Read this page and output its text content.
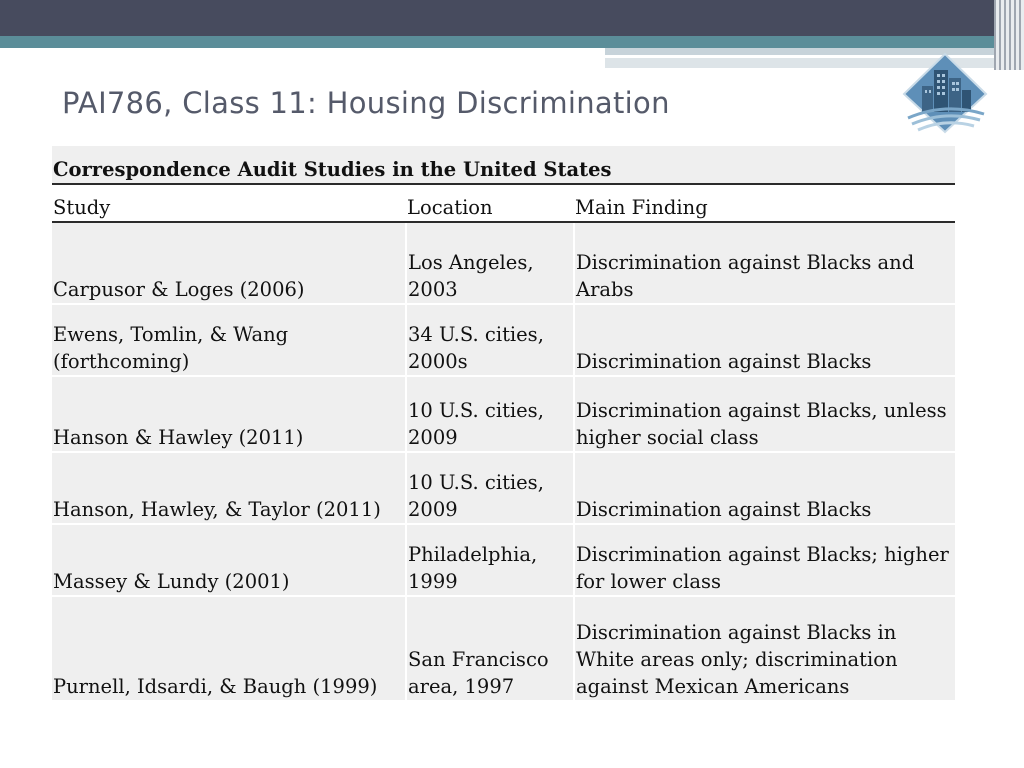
PAI786, Class 11: Housing Discrimination
Correspondence Audit Studies in the United States		
Study	Location	Main Finding
Carpusor & Loges (2006)	Los Angeles, 2003	Discrimination against Blacks and Arabs
Ewens, Tomlin, & Wang (forthcoming)	34 U.S. cities, 2000s	Discrimination against Blacks
Hanson & Hawley (2011)	10 U.S. cities, 2009	Discrimination against Blacks, unless higher social class
Hanson, Hawley, & Taylor (2011)	10 U.S. cities, 2009	Discrimination against Blacks
Massey & Lundy (2001)	Philadelphia, 1999	Discrimination against Blacks; higher for lower class
Purnell, Idsardi, & Baugh (1999)	San Francisco area, 1997	Discrimination against Blacks in White areas only; discrimination against Mexican Americans
